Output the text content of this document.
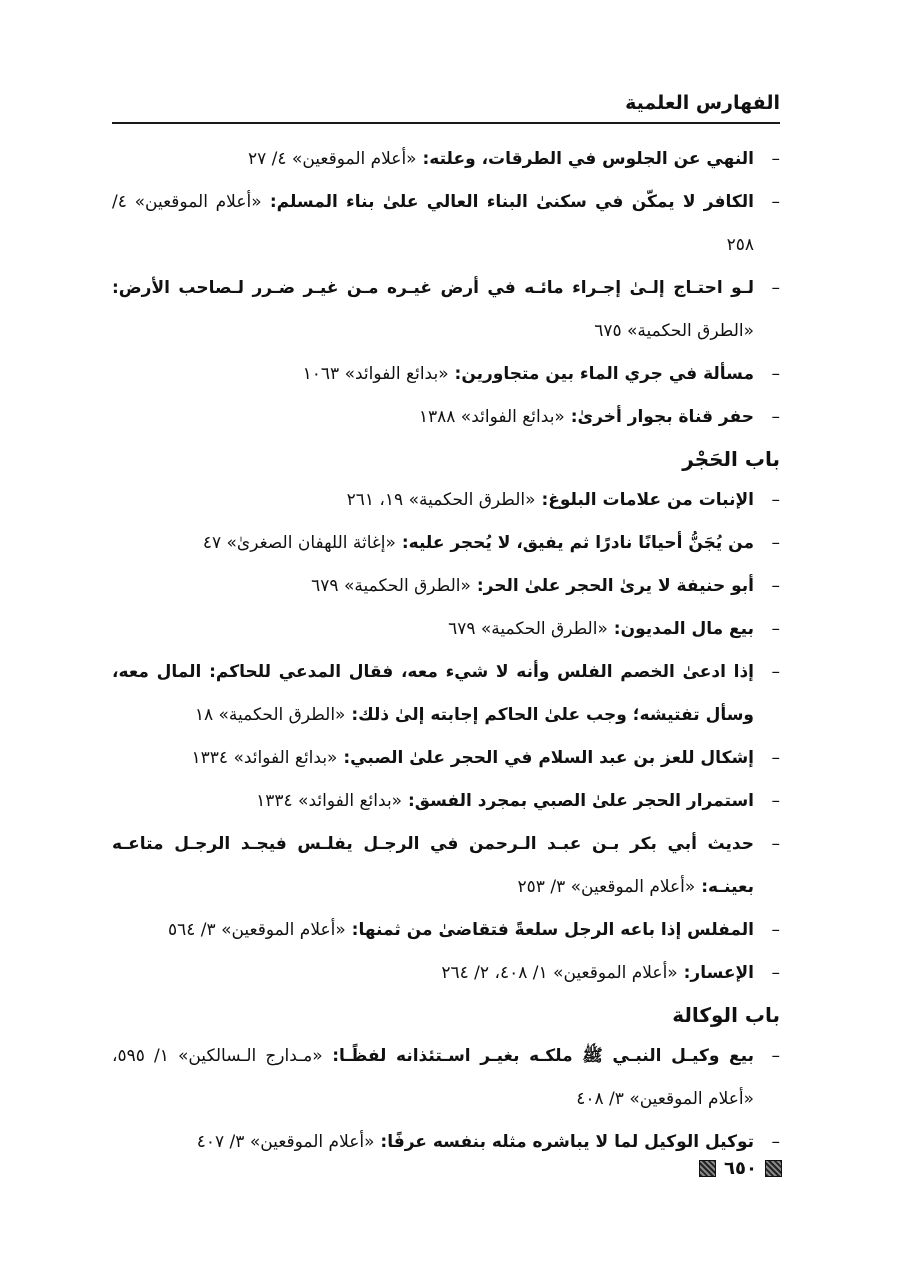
الفهارس العلمية
–
النهي عن الجلوس في الطرقات، وعلته: «أعلام الموقعين» ٤/ ٢٧
–
الكافر لا يمكّن في سكنىٰ البناء العالي علىٰ بناء المسلم: «أعلام الموقعين» ٤/ ٢٥٨
–
لـو احتـاج إلـىٰ إجـراء مائـه في أرض غيـره مـن غيـر ضـرر لـصاحب الأرض: «الطرق الحكمية» ٦٧٥
–
مسألة في جري الماء بين متجاورين: «بدائع الفوائد» ١٠٦٣
–
حفر قناة بجوار أخرىٰ: «بدائع الفوائد» ١٣٨٨
باب الحَجْر
–
الإنبات من علامات البلوغ: «الطرق الحكمية» ١٩، ٢٦١
–
من يُجَنُّ أحيانًا نادرًا ثم يفيق، لا يُحجر عليه: «إغاثة اللهفان الصغرىٰ» ٤٧
–
أبو حنيفة لا يرىٰ الحجر علىٰ الحر: «الطرق الحكمية» ٦٧٩
–
بيع مال المديون: «الطرق الحكمية» ٦٧٩
–
إذا ادعىٰ الخصم الفلس وأنه لا شيء معه، فقال المدعي للحاكم: المال معه، وسأل تفتيشه؛ وجب علىٰ الحاكم إجابته إلىٰ ذلك: «الطرق الحكمية» ١٨
–
إشكال للعز بن عبد السلام في الحجر علىٰ الصبي: «بدائع الفوائد» ١٣٣٤
–
استمرار الحجر علىٰ الصبي بمجرد الفسق: «بدائع الفوائد» ١٣٣٤
–
حديث أبي بكر بـن عبـد الـرحمن في الرجـل يفلـس فيجـد الرجـل متاعـه بعينـه: «أعلام الموقعين» ٣/ ٢٥٣
–
المفلس إذا باعه الرجل سلعةً فتقاضىٰ من ثمنها: «أعلام الموقعين» ٣/ ٥٦٤
–
الإعسار: «أعلام الموقعين» ١/ ٤٠٨، ٢/ ٢٦٤
باب الوكالة
–
بيع وكيـل النبـي ﷺ ملكـه بغيـر اسـتئذانه لفظًـا: «مـدارج الـسالكين» ١/ ٥٩٥، «أعلام الموقعين» ٣/ ٤٠٨
–
توكيل الوكيل لما لا يباشره مثله بنفسه عرفًا: «أعلام الموقعين» ٣/ ٤٠٧
٦٥٠
